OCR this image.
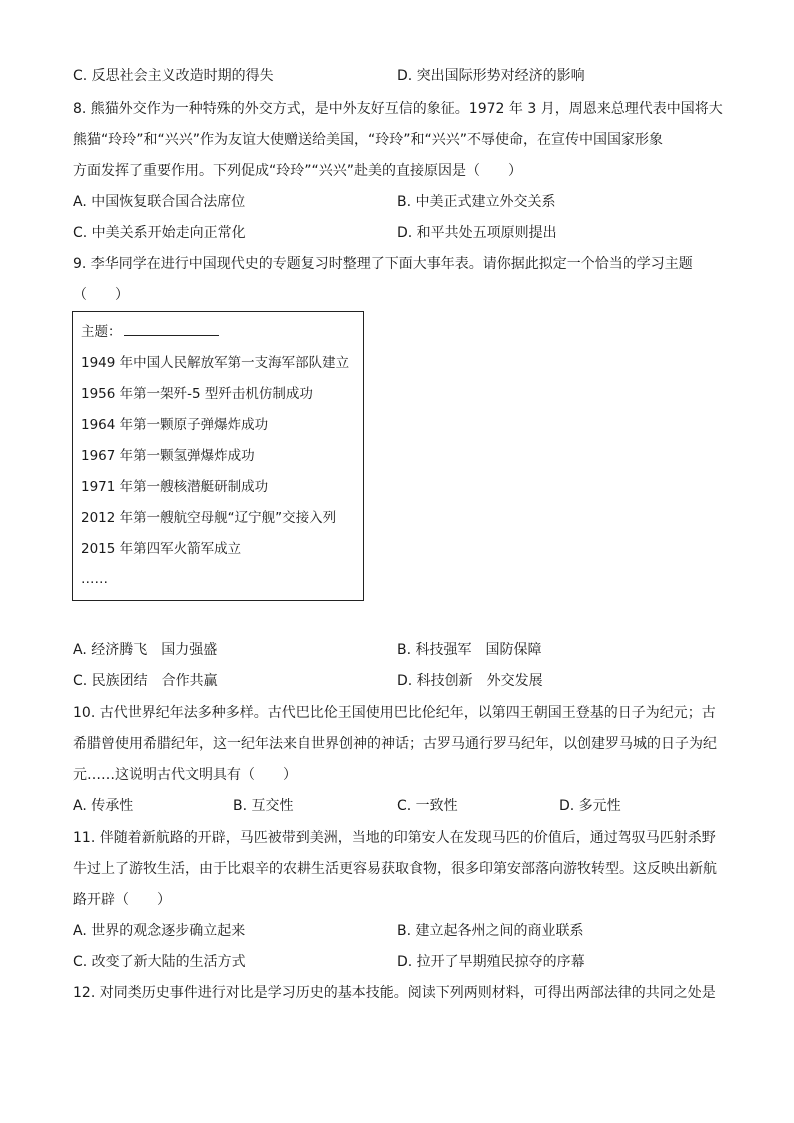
C. 反思社会主义改造时期的得失	D. 突出国际形势对经济的影响
8. 熊猫外交作为一种特殊的外交方式，是中外友好互信的象征。1972 年 3 月，周恩来总理代表中国将大
熊猫“玲玲”和“兴兴”作为友谊大使赠送给美国，“玲玲”和“兴兴”不辱使命，在宣传中国国家形象
方面发挥了重要作用。下列促成“玲玲”“兴兴”赴美的直接原因是（　　）
A. 中国恢复联合国合法席位	B. 中美正式建立外交关系
C. 中美关系开始走向正常化	D. 和平共处五项原则提出
9. 李华同学在进行中国现代史的专题复习时整理了下面大事年表。请你据此拟定一个恰当的学习主题
（　　）
主题：
1949 年中国人民解放军第一支海军部队建立
1956 年第一架歼-5 型歼击机仿制成功
1964 年第一颗原子弹爆炸成功
1967 年第一颗氢弹爆炸成功
1971 年第一艘核潜艇研制成功
2012 年第一艘航空母舰“辽宁舰”交接入列
2015 年第四军火箭军成立
……
A. 经济腾飞　国力强盛	B. 科技强军　国防保障
C. 民族团结　合作共赢	D. 科技创新　外交发展
10. 古代世界纪年法多种多样。古代巴比伦王国使用巴比伦纪年，以第四王朝国王登基的日子为纪元；古
希腊曾使用希腊纪年，这一纪年法来自世界创神的神话；古罗马通行罗马纪年，以创建罗马城的日子为纪
元……这说明古代文明具有（　　）
A. 传承性	B. 互交性	C. 一致性	D. 多元性
11. 伴随着新航路的开辟，马匹被带到美洲，当地的印第安人在发现马匹的价值后，通过驾驭马匹射杀野
牛过上了游牧生活，由于比艰辛的农耕生活更容易获取食物，很多印第安部落向游牧转型。这反映出新航
路开辟（　　）
A. 世界的观念逐步确立起来	B. 建立起各州之间的商业联系
C. 改变了新大陆的生活方式	D. 拉开了早期殖民掠夺的序幕
12. 对同类历史事件进行对比是学习历史的基本技能。阅读下列两则材料，可得出两部法律的共同之处是
